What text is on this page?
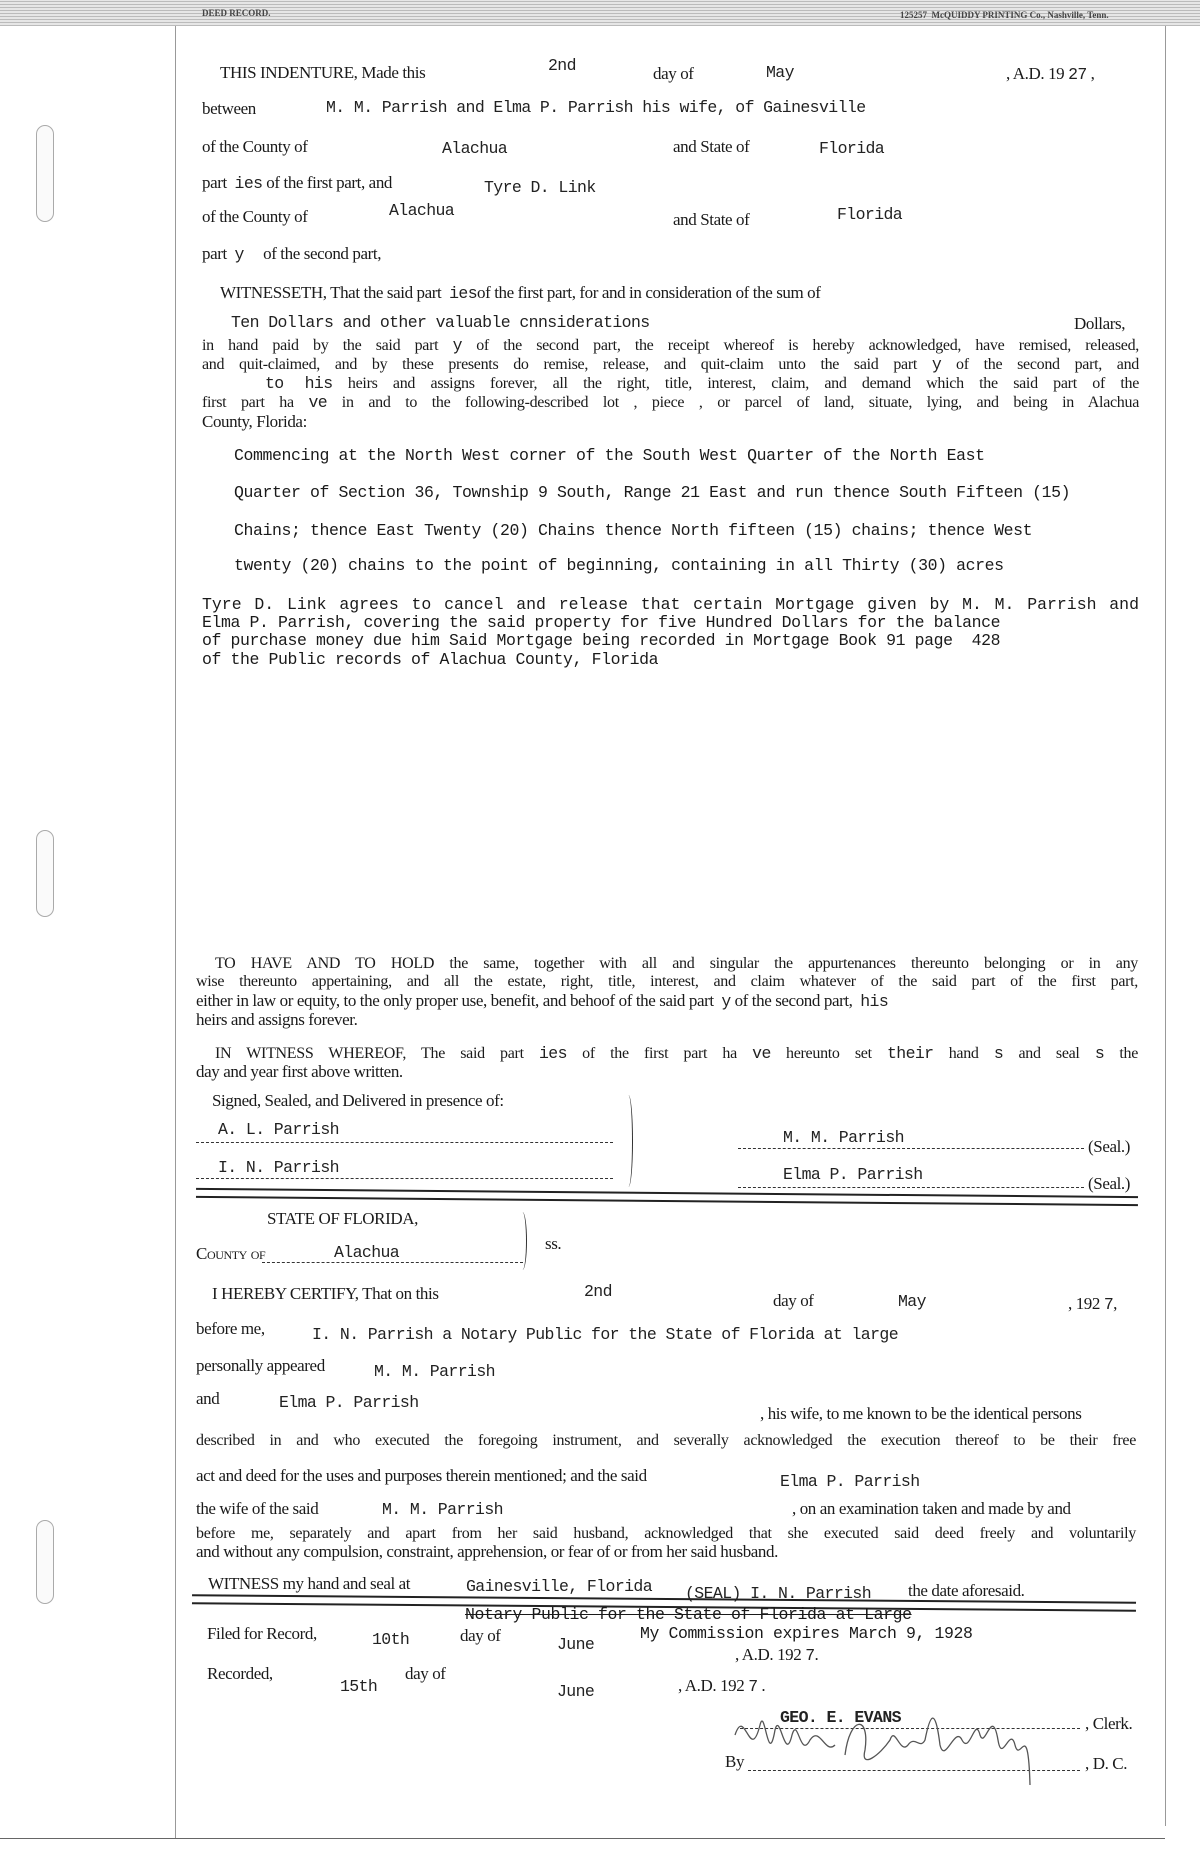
DEED RECORD.	125257  McQUIDDY PRINTING Co., Nashville, Tenn.
THIS INDENTURE, Made this	2nd	day of	May	, A.D. 19 27 ,
between	M. M. Parrish and Elma P. Parrish his wife, of Gainesville
of the County of	Alachua	and State of	Florida
part  ies of the first part, and	Tyre D. Link
of the County of	Alachua	and State of	Florida
part  y     of the second part,
WITNESSETH, That the said part  iesof the first part, for and in consideration of the sum of
Ten Dollars and other valuable cnnsiderations	Dollars,
in hand paid by the said part y of the second part, the receipt whereof is hereby acknowledged, have remised, released,
and quit-claimed, and by these presents do remise, release, and quit-claim unto the said part y of the second part, and
to his heirs and assigns forever, all the right, title, interest, claim, and demand which the said part of the
first part ha ve in and to the following-described lot , piece , or parcel of land, situate, lying, and being in Alachua
County, Florida:
Commencing at the North West corner of the South West Quarter of the North East
Quarter of Section 36, Township 9 South, Range 21 East and run thence South Fifteen (15)
Chains; thence East Twenty (20) Chains thence North fifteen (15) chains; thence West
twenty (20) chains to the point of beginning, containing in all Thirty (30) acres
Tyre D. Link agrees to cancel and release that certain Mortgage given by M. M. Parrish and
Elma P. Parrish, covering the said property for five Hundred Dollars for the balance
of purchase money due him Said Mortgage being recorded in Mortgage Book 91 page  428
of the Public records of Alachua County, Florida
TO HAVE AND TO HOLD the same, together with all and singular the appurtenances thereunto belonging or in any
wise thereunto appertaining, and all the estate, right, title, interest, and claim whatever of the said part of the first part,
either in law or equity, to the only proper use, benefit, and behoof of the said part  y of the second part,  his
heirs and assigns forever.
IN WITNESS WHEREOF, The said part ies of the first part ha ve hereunto set their hand s and seal s the
day and year first above written.
Signed, Sealed, and Delivered in presence of:
A. L. Parrish
I. N. Parrish
M. M. Parrish	(Seal.)
Elma P. Parrish	(Seal.)
STATE OF FLORIDA,
County of	Alachua	ss.
I HEREBY CERTIFY, That on this	2nd	day of	May	, 192 7,
before me,	I. N. Parrish a Notary Public for the State of Florida at large
personally appeared	M. M. Parrish
and	Elma P. Parrish
, his wife, to me known to be the identical persons
described in and who executed the foregoing instrument, and severally acknowledged the execution thereof to be their free
act and deed for the uses and purposes therein mentioned; and the said	Elma P. Parrish
the wife of the said	M. M. Parrish	, on an examination taken and made by and
before me, separately and apart from her said husband, acknowledged that she executed said deed freely and voluntarily
and without any compulsion, constraint, apprehension, or fear of or from her said husband.
WITNESS my hand and seal at	Gainesville, Florida (SEAL) I. N. Parrish the date aforesaid.
Notary Public for the State of Florida at Large
My Commission expires March 9, 1928
Filed for Record,	10th	day of	June
, A.D. 192 7.
Recorded,
15th
day of
June	, A.D. 192 7 .
GEO. E. EVANS	, Clerk.
By	, D. C.
